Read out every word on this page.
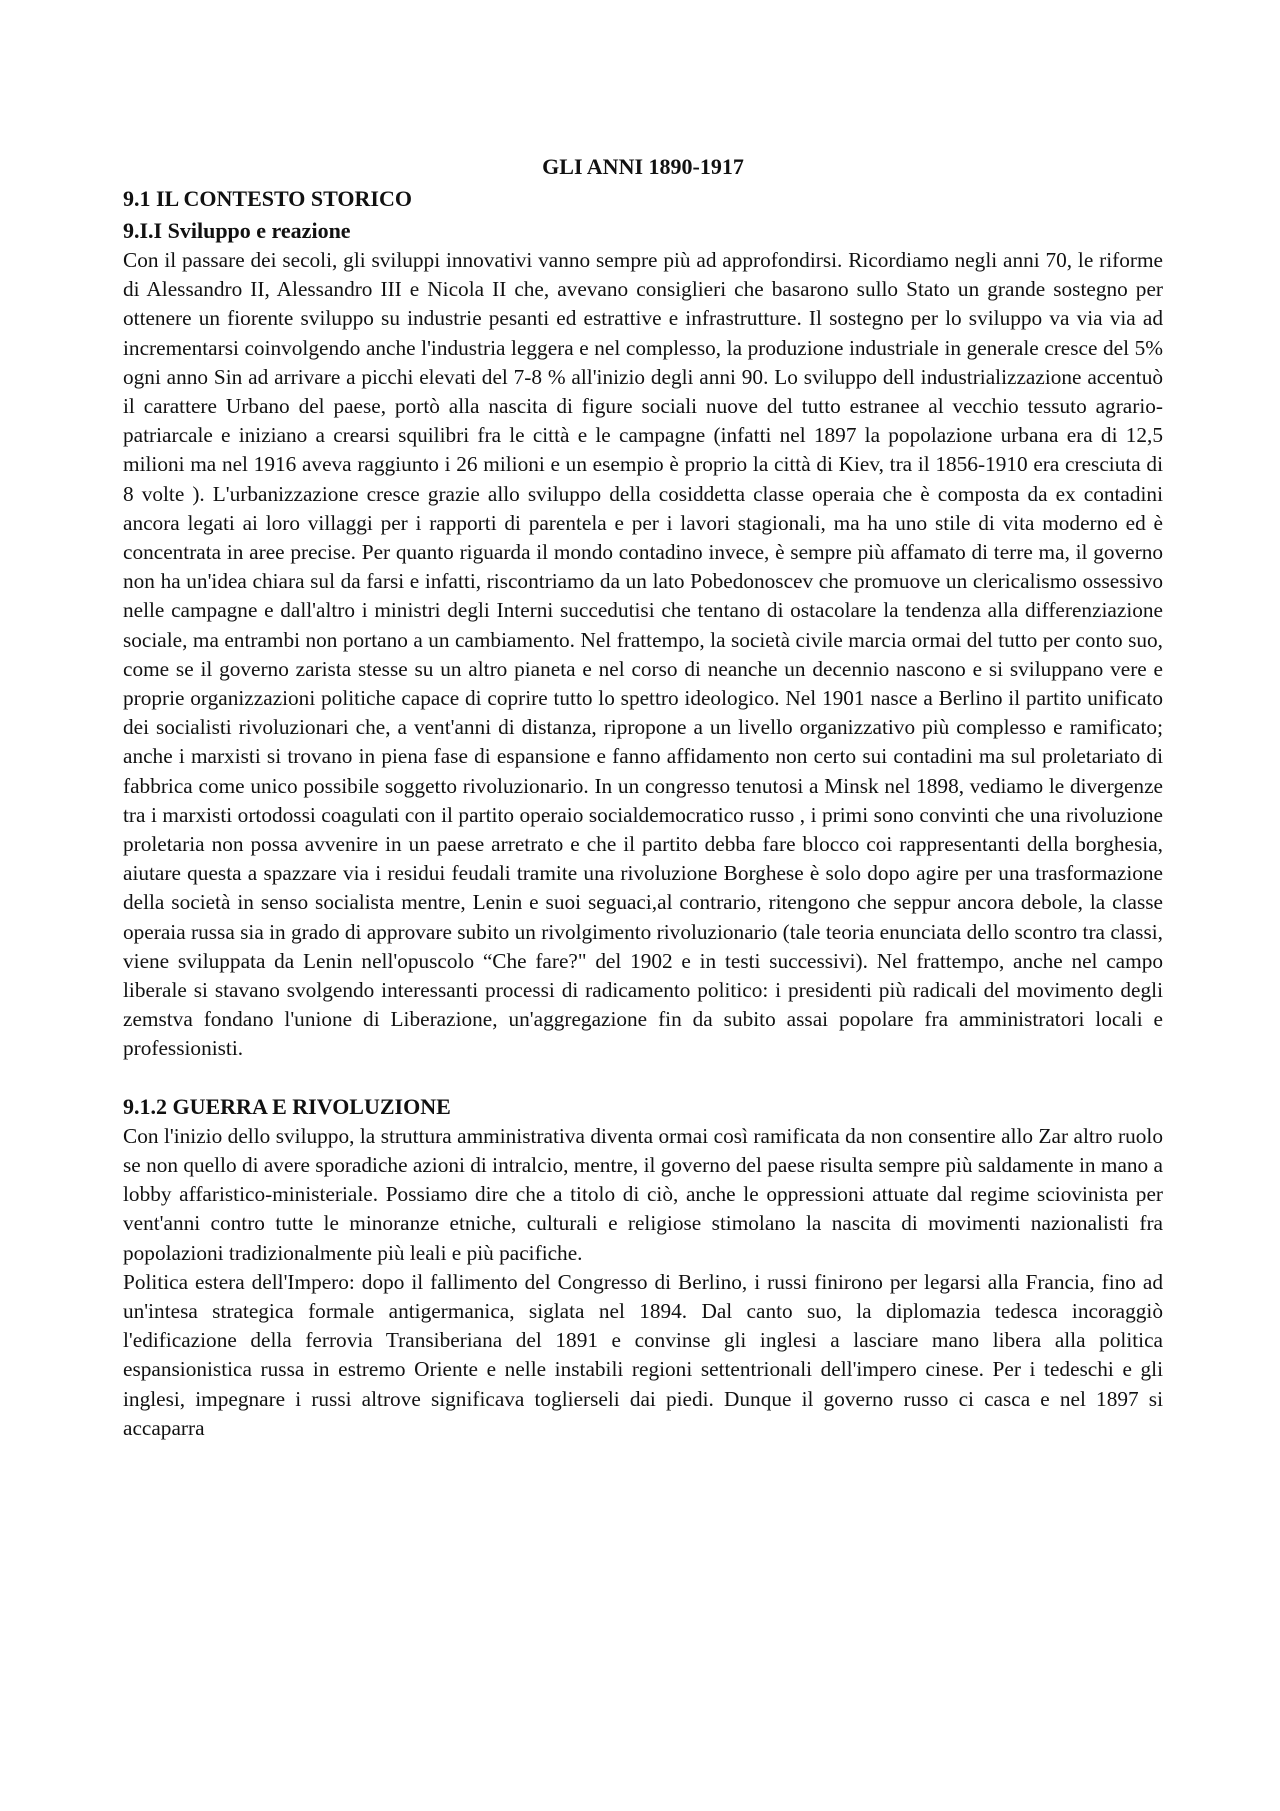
GLI ANNI 1890-1917
9.1 IL CONTESTO STORICO
9.I.I Sviluppo e reazione

Con il passare dei secoli, gli sviluppi innovativi vanno sempre più ad approfondirsi. Ricordiamo negli anni 70, le riforme di Alessandro II, Alessandro III e Nicola II che, avevano consiglieri che basarono sullo Stato un grande sostegno per ottenere un fiorente sviluppo su industrie pesanti ed estrattive e infrastrutture. Il sostegno per lo sviluppo va via via ad incrementarsi coinvolgendo anche l'industria leggera e nel complesso, la produzione industriale in generale cresce del 5% ogni anno Sin ad arrivare a picchi elevati del 7-8 % all'inizio degli anni 90. Lo sviluppo dell industrializzazione accentuò il carattere Urbano del paese, portò alla nascita di figure sociali nuove del tutto estranee al vecchio tessuto agrario-patriarcale e iniziano a crearsi squilibri fra le città e le campagne (infatti nel 1897 la popolazione urbana era di 12,5 milioni ma nel 1916 aveva raggiunto i 26 milioni e un esempio è proprio la città di Kiev, tra il 1856-1910 era cresciuta di 8 volte ). L'urbanizzazione cresce grazie allo sviluppo della cosiddetta classe operaia che è composta da ex contadini ancora legati ai loro villaggi per i rapporti di parentela e per i lavori stagionali, ma ha uno stile di vita moderno ed è concentrata in aree precise. Per quanto riguarda il mondo contadino invece, è sempre più affamato di terre ma, il governo non ha un'idea chiara sul da farsi e infatti, riscontriamo da un lato Pobedonoscev che promuove un clericalismo ossessivo nelle campagne e dall'altro i ministri degli Interni succedutisi che tentano di ostacolare la tendenza alla differenziazione sociale, ma entrambi non portano a un cambiamento. Nel frattempo, la società civile marcia ormai del tutto per conto suo, come se il governo zarista stesse su un altro pianeta e nel corso di neanche un decennio nascono e si sviluppano vere e proprie organizzazioni politiche capace di coprire tutto lo spettro ideologico. Nel 1901 nasce a Berlino il partito unificato dei socialisti rivoluzionari che, a vent'anni di distanza, ripropone a un livello organizzativo più complesso e ramificato; anche i marxisti si trovano in piena fase di espansione e fanno affidamento non certo sui contadini ma sul proletariato di fabbrica come unico possibile soggetto rivoluzionario. In un congresso tenutosi a Minsk nel 1898, vediamo le divergenze tra i marxisti ortodossi coagulati con il partito operaio socialdemocratico russo , i primi sono convinti che una rivoluzione proletaria non possa avvenire in un paese arretrato e che il partito debba fare blocco coi rappresentanti della borghesia, aiutare questa a spazzare via i residui feudali tramite una rivoluzione Borghese è solo dopo agire per una trasformazione della società in senso socialista mentre, Lenin e suoi seguaci,al contrario, ritengono che seppur ancora debole, la classe operaia russa sia in grado di approvare subito un rivolgimento rivoluzionario (tale teoria enunciata dello scontro tra classi, viene sviluppata da Lenin nell'opuscolo “Che fare?" del 1902 e in testi successivi). Nel frattempo, anche nel campo liberale si stavano svolgendo interessanti processi di radicamento politico: i presidenti più radicali del movimento degli zemstva fondano l'unione di Liberazione, un'aggregazione fin da subito assai popolare fra amministratori locali e professionisti.

9.1.2 GUERRA E RIVOLUZIONE

Con l'inizio dello sviluppo, la struttura amministrativa diventa ormai così ramificata da non consentire allo Zar altro ruolo se non quello di avere sporadiche azioni di intralcio, mentre, il governo del paese risulta sempre più saldamente in mano a lobby affaristico-ministeriale. Possiamo dire che a titolo di ciò, anche le oppressioni attuate dal regime sciovinista per vent'anni contro tutte le minoranze etniche, culturali e religiose stimolano la nascita di movimenti nazionalisti fra popolazioni tradizionalmente più leali e più pacifiche.

Politica estera dell'Impero: dopo il fallimento del Congresso di Berlino, i russi finirono per legarsi alla Francia, fino ad un'intesa strategica formale antigermanica, siglata nel 1894. Dal canto suo, la diplomazia tedesca incoraggiò l'edificazione della ferrovia Transiberiana del 1891 e convinse gli inglesi a lasciare mano libera alla politica espansionistica russa in estremo Oriente e nelle instabili regioni settentrionali dell'impero cinese. Per i tedeschi e gli inglesi, impegnare i russi altrove significava toglierseli dai piedi. Dunque il governo russo ci casca e nel 1897 si accaparra
